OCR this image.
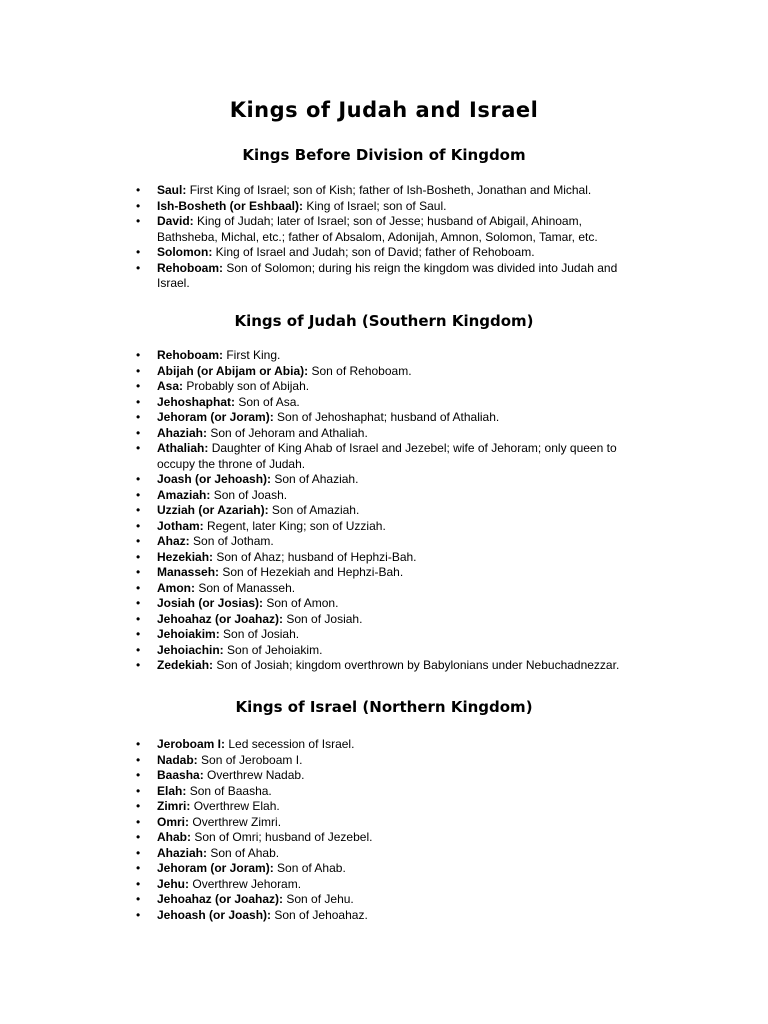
Kings of Judah and Israel
Kings Before Division of Kingdom
• Saul: First King of Israel; son of Kish; father of Ish-Bosheth, Jonathan and Michal.
• Ish-Bosheth (or Eshbaal): King of Israel; son of Saul.
• David: King of Judah; later of Israel; son of Jesse; husband of Abigail, Ahinoam, Bathsheba, Michal, etc.; father of Absalom, Adonijah, Amnon, Solomon, Tamar, etc.
• Solomon: King of Israel and Judah; son of David; father of Rehoboam.
• Rehoboam: Son of Solomon; during his reign the kingdom was divided into Judah and Israel.
Kings of Judah (Southern Kingdom)
• Rehoboam: First King.
• Abijah (or Abijam or Abia): Son of Rehoboam.
• Asa: Probably son of Abijah.
• Jehoshaphat: Son of Asa.
• Jehoram (or Joram): Son of Jehoshaphat; husband of Athaliah.
• Ahaziah: Son of Jehoram and Athaliah.
• Athaliah: Daughter of King Ahab of Israel and Jezebel; wife of Jehoram; only queen to occupy the throne of Judah.
• Joash (or Jehoash): Son of Ahaziah.
• Amaziah: Son of Joash.
• Uzziah (or Azariah): Son of Amaziah.
• Jotham: Regent, later King; son of Uzziah.
• Ahaz: Son of Jotham.
• Hezekiah: Son of Ahaz; husband of Hephzi-Bah.
• Manasseh: Son of Hezekiah and Hephzi-Bah.
• Amon: Son of Manasseh.
• Josiah (or Josias): Son of Amon.
• Jehoahaz (or Joahaz): Son of Josiah.
• Jehoiakim: Son of Josiah.
• Jehoiachin: Son of Jehoiakim.
• Zedekiah: Son of Josiah; kingdom overthrown by Babylonians under Nebuchadnezzar.
Kings of Israel (Northern Kingdom)
• Jeroboam I: Led secession of Israel.
• Nadab: Son of Jeroboam I.
• Baasha: Overthrew Nadab.
• Elah: Son of Baasha.
• Zimri: Overthrew Elah.
• Omri: Overthrew Zimri.
• Ahab: Son of Omri; husband of Jezebel.
• Ahaziah: Son of Ahab.
• Jehoram (or Joram): Son of Ahab.
• Jehu: Overthrew Jehoram.
• Jehoahaz (or Joahaz): Son of Jehu.
• Jehoash (or Joash): Son of Jehoahaz.
